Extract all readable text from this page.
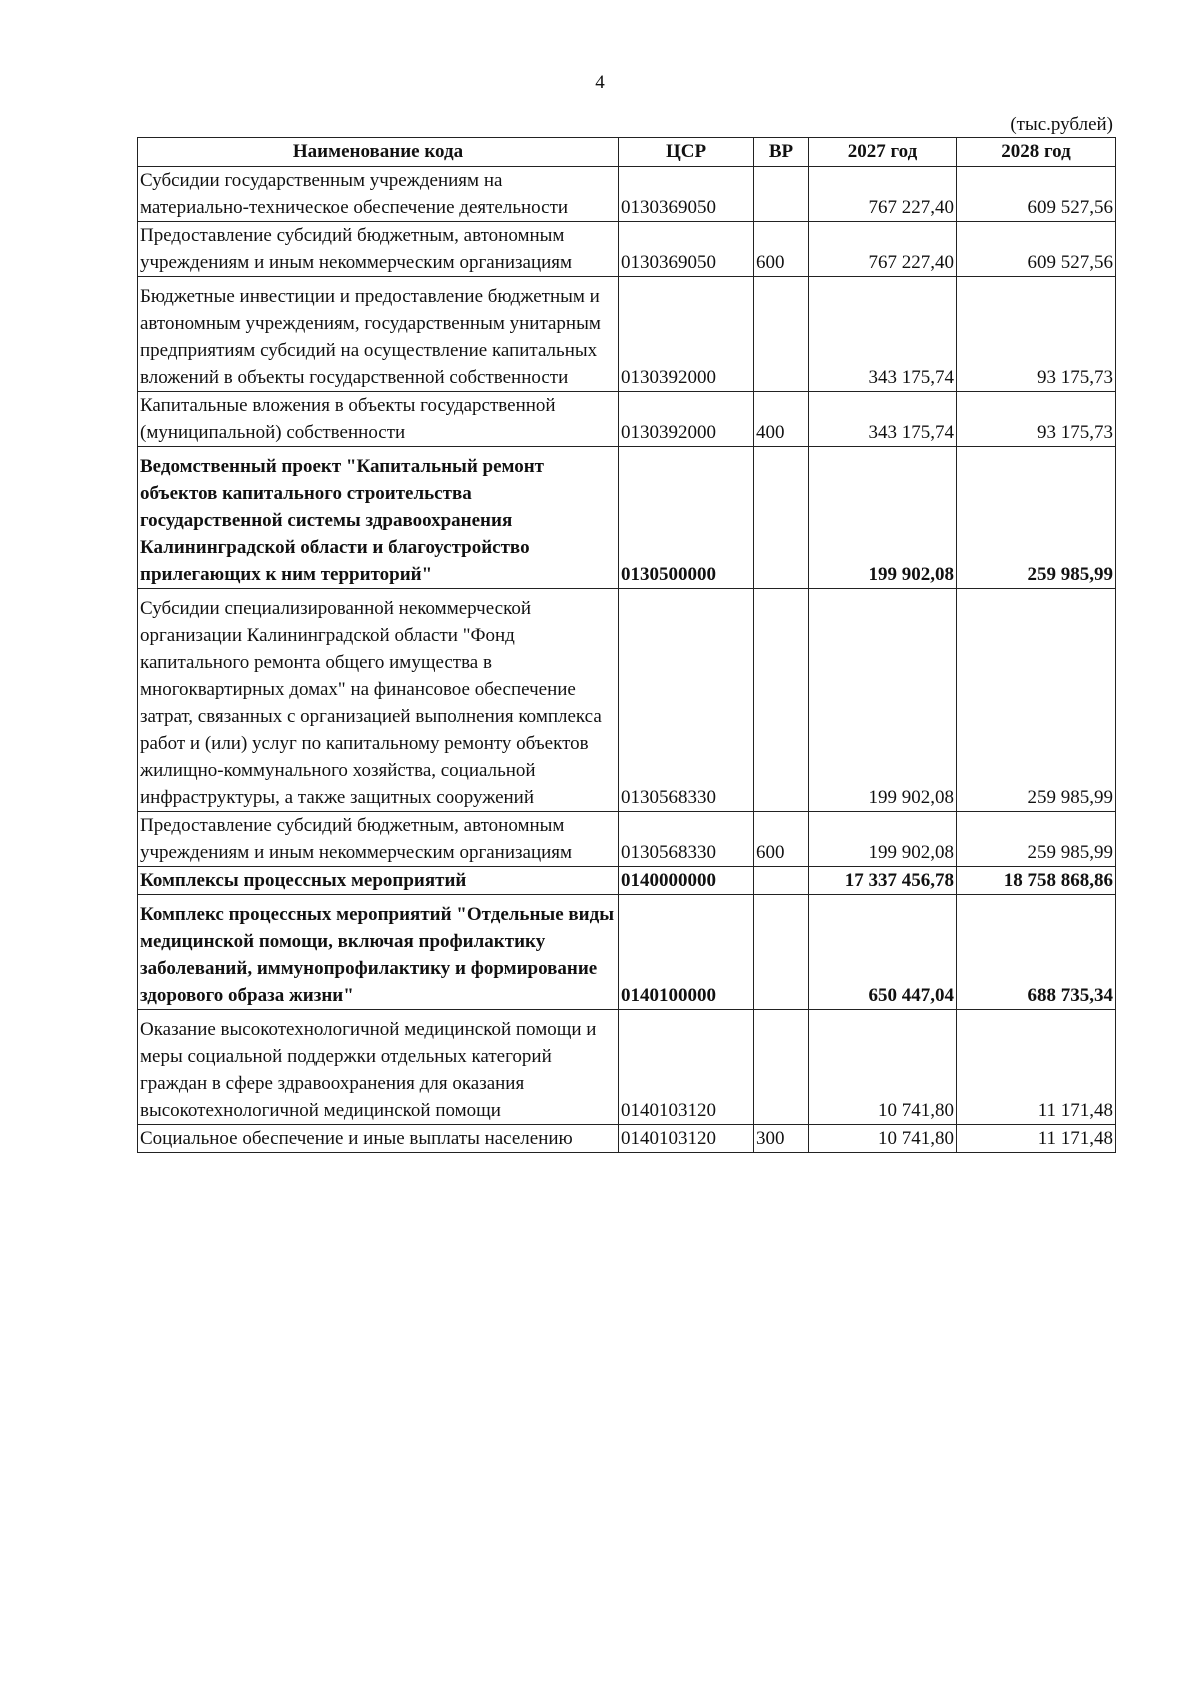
4
(тыс.рублей)
Наименование кода	ЦСР	ВР	2027 год	2028 год
Субсидии государственным учреждениям на материально-техническое обеспечение деятельности	0130369050		767 227,40	609 527,56
Предоставление субсидий бюджетным, автономным учреждениям и иным некоммерческим организациям	0130369050	600	767 227,40	609 527,56
Бюджетные инвестиции и предоставление бюджетным и автономным учреждениям, государственным унитарным предприятиям субсидий на осуществление капитальных вложений в объекты государственной собственности	0130392000		343 175,74	93 175,73
Капитальные вложения в объекты государственной (муниципальной) собственности	0130392000	400	343 175,74	93 175,73
Ведомственный проект "Капитальный ремонт объектов капитального строительства государственной системы здравоохранения Калининградской области и благоустройство прилегающих к ним территорий"	0130500000		199 902,08	259 985,99
Субсидии специализированной некоммерческой организации Калининградской области "Фонд капитального ремонта общего имущества в многоквартирных домах" на финансовое обеспечение затрат, связанных с организацией выполнения комплекса работ и (или) услуг по капитальному ремонту объектов жилищно-коммунального хозяйства, социальной инфраструктуры, а также защитных сооружений	0130568330		199 902,08	259 985,99
Предоставление субсидий бюджетным, автономным учреждениям и иным некоммерческим организациям	0130568330	600	199 902,08	259 985,99
Комплексы процессных мероприятий	0140000000		17 337 456,78	18 758 868,86
Комплекс процессных мероприятий "Отдельные виды медицинской помощи, включая профилактику заболеваний, иммунопрофилактику и формирование здорового образа жизни"	0140100000		650 447,04	688 735,34
Оказание высокотехнологичной медицинской помощи и меры социальной поддержки отдельных категорий граждан в сфере здравоохранения для оказания высокотехнологичной медицинской помощи	0140103120		10 741,80	11 171,48
Социальное обеспечение и иные выплаты населению	0140103120	300	10 741,80	11 171,48
